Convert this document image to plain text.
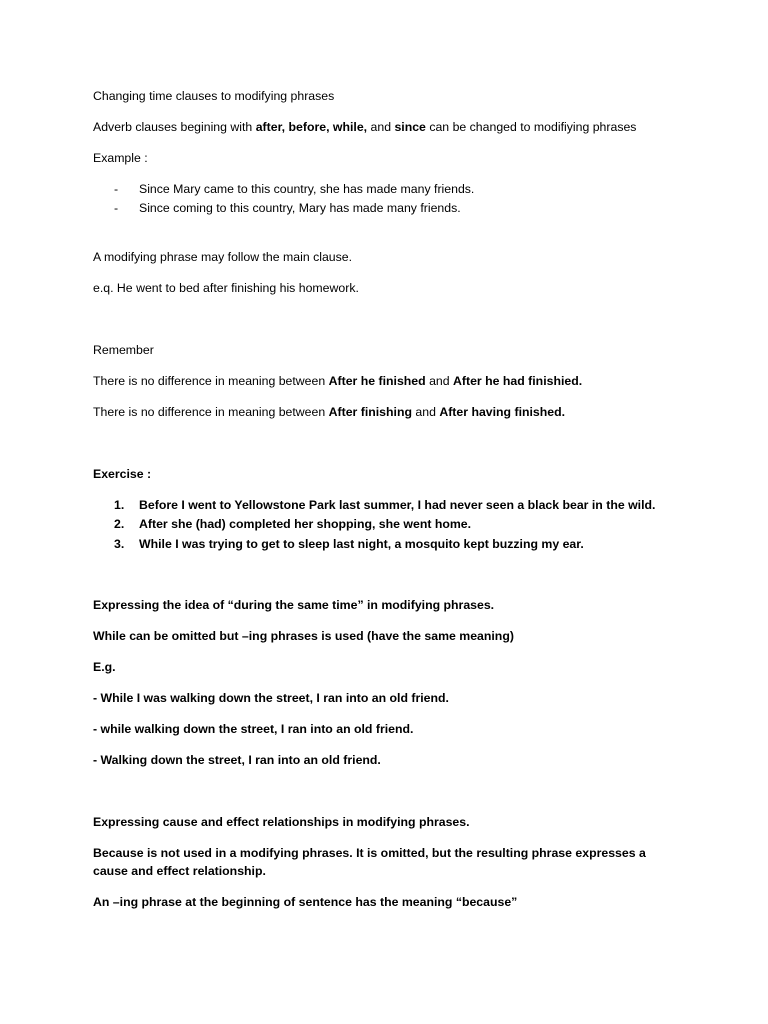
Changing time clauses to modifying phrases

Adverb clauses begining with after, before, while, and since can be changed to modifiying phrases

Example :

- Since Mary came to this country, she has made many friends.
- Since coming to this country, Mary has made many friends.

A modifying phrase may follow the main clause.

e.q. He went to bed after finishing his homework.

Remember

There is no difference in meaning between After he finished and After he had finishied.

There is no difference in meaning between After finishing and After having finished.

Exercise :

1. Before I went to Yellowstone Park last summer, I had never seen a black bear in the wild.
2. After she (had) completed her shopping, she went home.
3. While I was trying to get to sleep last night, a mosquito kept buzzing my ear.

Expressing the idea of “during the same time” in modifying phrases.

While can be omitted but –ing phrases is used (have the same meaning)

E.g.

- While I was walking down the street, I ran into an old friend.

- while walking down the street, I ran into an old friend.

- Walking down the street, I ran into an old friend.

Expressing cause and effect relationships in modifying phrases.

Because is not used in a modifying phrases. It is omitted, but the resulting phrase expresses a cause and effect relationship.

An –ing phrase at the beginning of sentence has the meaning “because”
